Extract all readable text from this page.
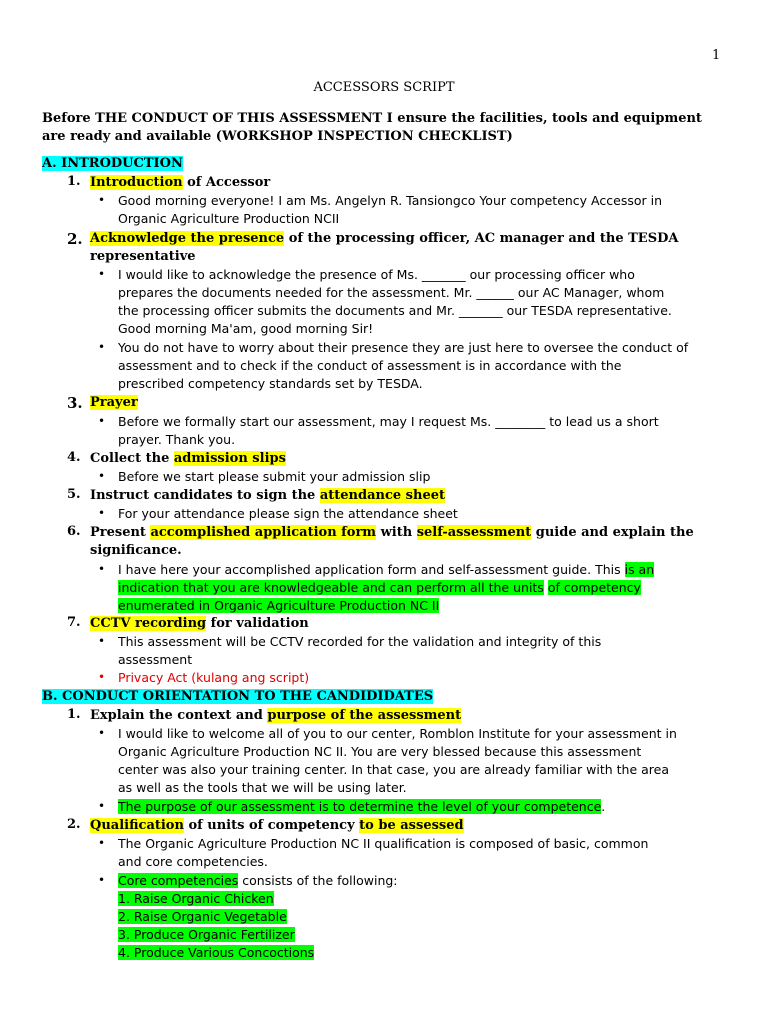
1
ACCESSORS SCRIPT
Before THE CONDUCT OF THIS ASSESSMENT I ensure the facilities, tools and equipment
are ready and available (WORKSHOP INSPECTION CHECKLIST)
A. INTRODUCTION
1. Introduction of Accessor
• Good morning everyone! I am Ms. Angelyn R. Tansiongco Your competency Accessor in
Organic Agriculture Production NCII
2. Acknowledge the presence of the processing officer, AC manager and the TESDA
representative
• I would like to acknowledge the presence of Ms. _______ our processing officer who
prepares the documents needed for the assessment. Mr. ______ our AC Manager, whom
the processing officer submits the documents and Mr. _______ our TESDA representative.
Good morning Ma'am, good morning Sir!
• You do not have to worry about their presence they are just here to oversee the conduct of
assessment and to check if the conduct of assessment is in accordance with the
prescribed competency standards set by TESDA.
3. Prayer
• Before we formally start our assessment, may I request Ms. ________ to lead us a short
prayer. Thank you.
4. Collect the admission slips
• Before we start please submit your admission slip
5. Instruct candidates to sign the attendance sheet
• For your attendance please sign the attendance sheet
6. Present accomplished application form with self-assessment guide and explain the
significance.
• I have here your accomplished application form and self-assessment guide. This is an
indication that you are knowledgeable and can perform all the units of competency
enumerated in Organic Agriculture Production NC II
7. CCTV recording for validation
• This assessment will be CCTV recorded for the validation and integrity of this
assessment
• Privacy Act (kulang ang script)
B. CONDUCT ORIENTATION TO THE CANDIDIDATES
1. Explain the context and purpose of the assessment
• I would like to welcome all of you to our center, Romblon Institute for your assessment in
Organic Agriculture Production NC II. You are very blessed because this assessment
center was also your training center. In that case, you are already familiar with the area
as well as the tools that we will be using later.
• The purpose of our assessment is to determine the level of your competence.
2. Qualification of units of competency to be assessed
• The Organic Agriculture Production NC II qualification is composed of basic, common
and core competencies.
• Core competencies consists of the following:
1. Raise Organic Chicken
2. Raise Organic Vegetable
3. Produce Organic Fertilizer
4. Produce Various Concoctions
